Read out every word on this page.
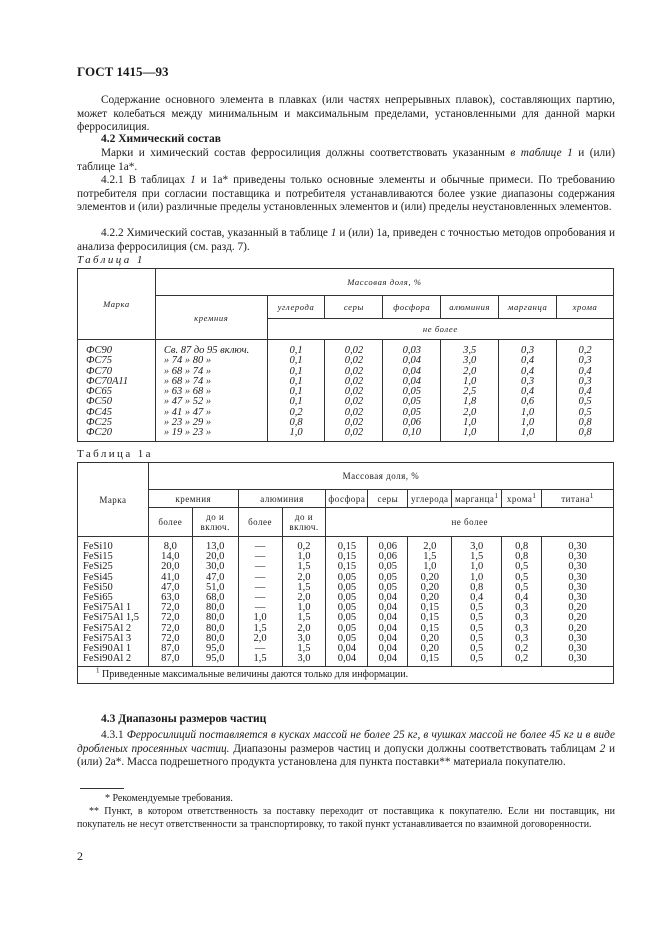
ГОСТ 1415—93

Содержание основного элемента в плавках (или частях непрерывных плавок), составляющих партию, может колебаться между минимальным и максимальным пределами, установленными для данной марки ферросилиция.

4.2 Химический состав

Марки и химический состав ферросилиция должны соответствовать указанным в таблице 1 и (или) таблице 1а*.

4.2.1 В таблицах 1 и 1а* приведены только основные элементы и обычные примеси. По требованию потребителя при согласии поставщика и потребителя устанавливаются более узкие диапазоны содержания элементов и (или) различные пределы установленных элементов и (или) пределы неустановленных элементов.

4.2.2 Химический состав, указанный в таблице 1 и (или) 1а, приведен с точностью методов опробования и анализа ферросилиция (см. разд. 7).

Таблица 1
Марка	Массовая доля, %						
	кремния	углерода	серы	фосфора	алюминия	марганца	хрома
		не более					
ФС90	Св. 87 до 95 включ.	0,1	0,02	0,03	3,5	0,3	0,2
ФС75	» 74 » 80 »	0,1	0,02	0,04	3,0	0,4	0,3
ФС70	» 68 » 74 »	0,1	0,02	0,04	2,0	0,4	0,4
ФС70А11	» 68 » 74 »	0,1	0,02	0,04	1,0	0,3	0,3
ФС65	» 63 » 68 »	0,1	0,02	0,05	2,5	0,4	0,4
ФС50	» 47 » 52 »	0,1	0,02	0,05	1,8	0,6	0,5
ФС45	» 41 » 47 »	0,2	0,02	0,05	2,0	1,0	0,5
ФС25	» 23 » 29 »	0,8	0,02	0,06	1,0	1,0	0,8
ФС20	» 19 » 23 »	1,0	0,02	0,10	1,0	1,0	0,8
Таблица 1а
Марка	Массовая доля, %									
	кремния		алюминия		фосфора	серы	углерода	марганца$^1$	хрома$^1$	титана$^1$
	более	до и включ.	более	до и включ.	не более					
FeSi10	8,0	13,0	—	0,2	0,15	0,06	2,0	3,0	0,8	0,30
FeSi15	14,0	20,0	—	1,0	0,15	0,06	1,5	1,5	0,8	0,30
FeSi25	20,0	30,0	—	1,5	0,15	0,05	1,0	1,0	0,5	0,30
FeSi45	41,0	47,0	—	2,0	0,05	0,05	0,20	1,0	0,5	0,30
FeSi50	47,0	51,0	—	1,5	0,05	0,05	0,20	0,8	0,5	0,30
FeSi65	63,0	68,0	—	2,0	0,05	0,04	0,20	0,4	0,4	0,30
FeSi75Al 1	72,0	80,0	—	1,0	0,05	0,04	0,15	0,5	0,3	0,20
FeSi75Al 1,5	72,0	80,0	1,0	1,5	0,05	0,04	0,15	0,5	0,3	0,20
FeSi75Al 2	72,0	80,0	1,5	2,0	0,05	0,04	0,15	0,5	0,3	0,20
FeSi75Al 3	72,0	80,0	2,0	3,0	0,05	0,04	0,20	0,5	0,3	0,30
FeSi90Al 1	87,0	95,0	—	1,5	0,04	0,04	0,20	0,5	0,2	0,30
FeSi90Al 2	87,0	95,0	1,5	3,0	0,04	0,04	0,15	0,5	0,2	0,30
$^1$ Приведенные максимальные величины даются только для информации.										

4.3 Диапазоны размеров частиц

4.3.1 Ферросилиций поставляется в кусках массой не более 25 кг, в чушках массой не более 45 кг и в виде дробленых просеянных частиц. Диапазоны размеров частиц и допуски должны соответствовать таблицам 2 и (или) 2а*. Масса подрешетного продукта установлена для пункта поставки** материала покупателю.

* Рекомендуемые требования.

** Пункт, в котором ответственность за поставку переходит от поставщика к покупателю. Если ни поставщик, ни покупатель не несут ответственности за транспортировку, то такой пункт устанавливается по взаимной договоренности.

2
